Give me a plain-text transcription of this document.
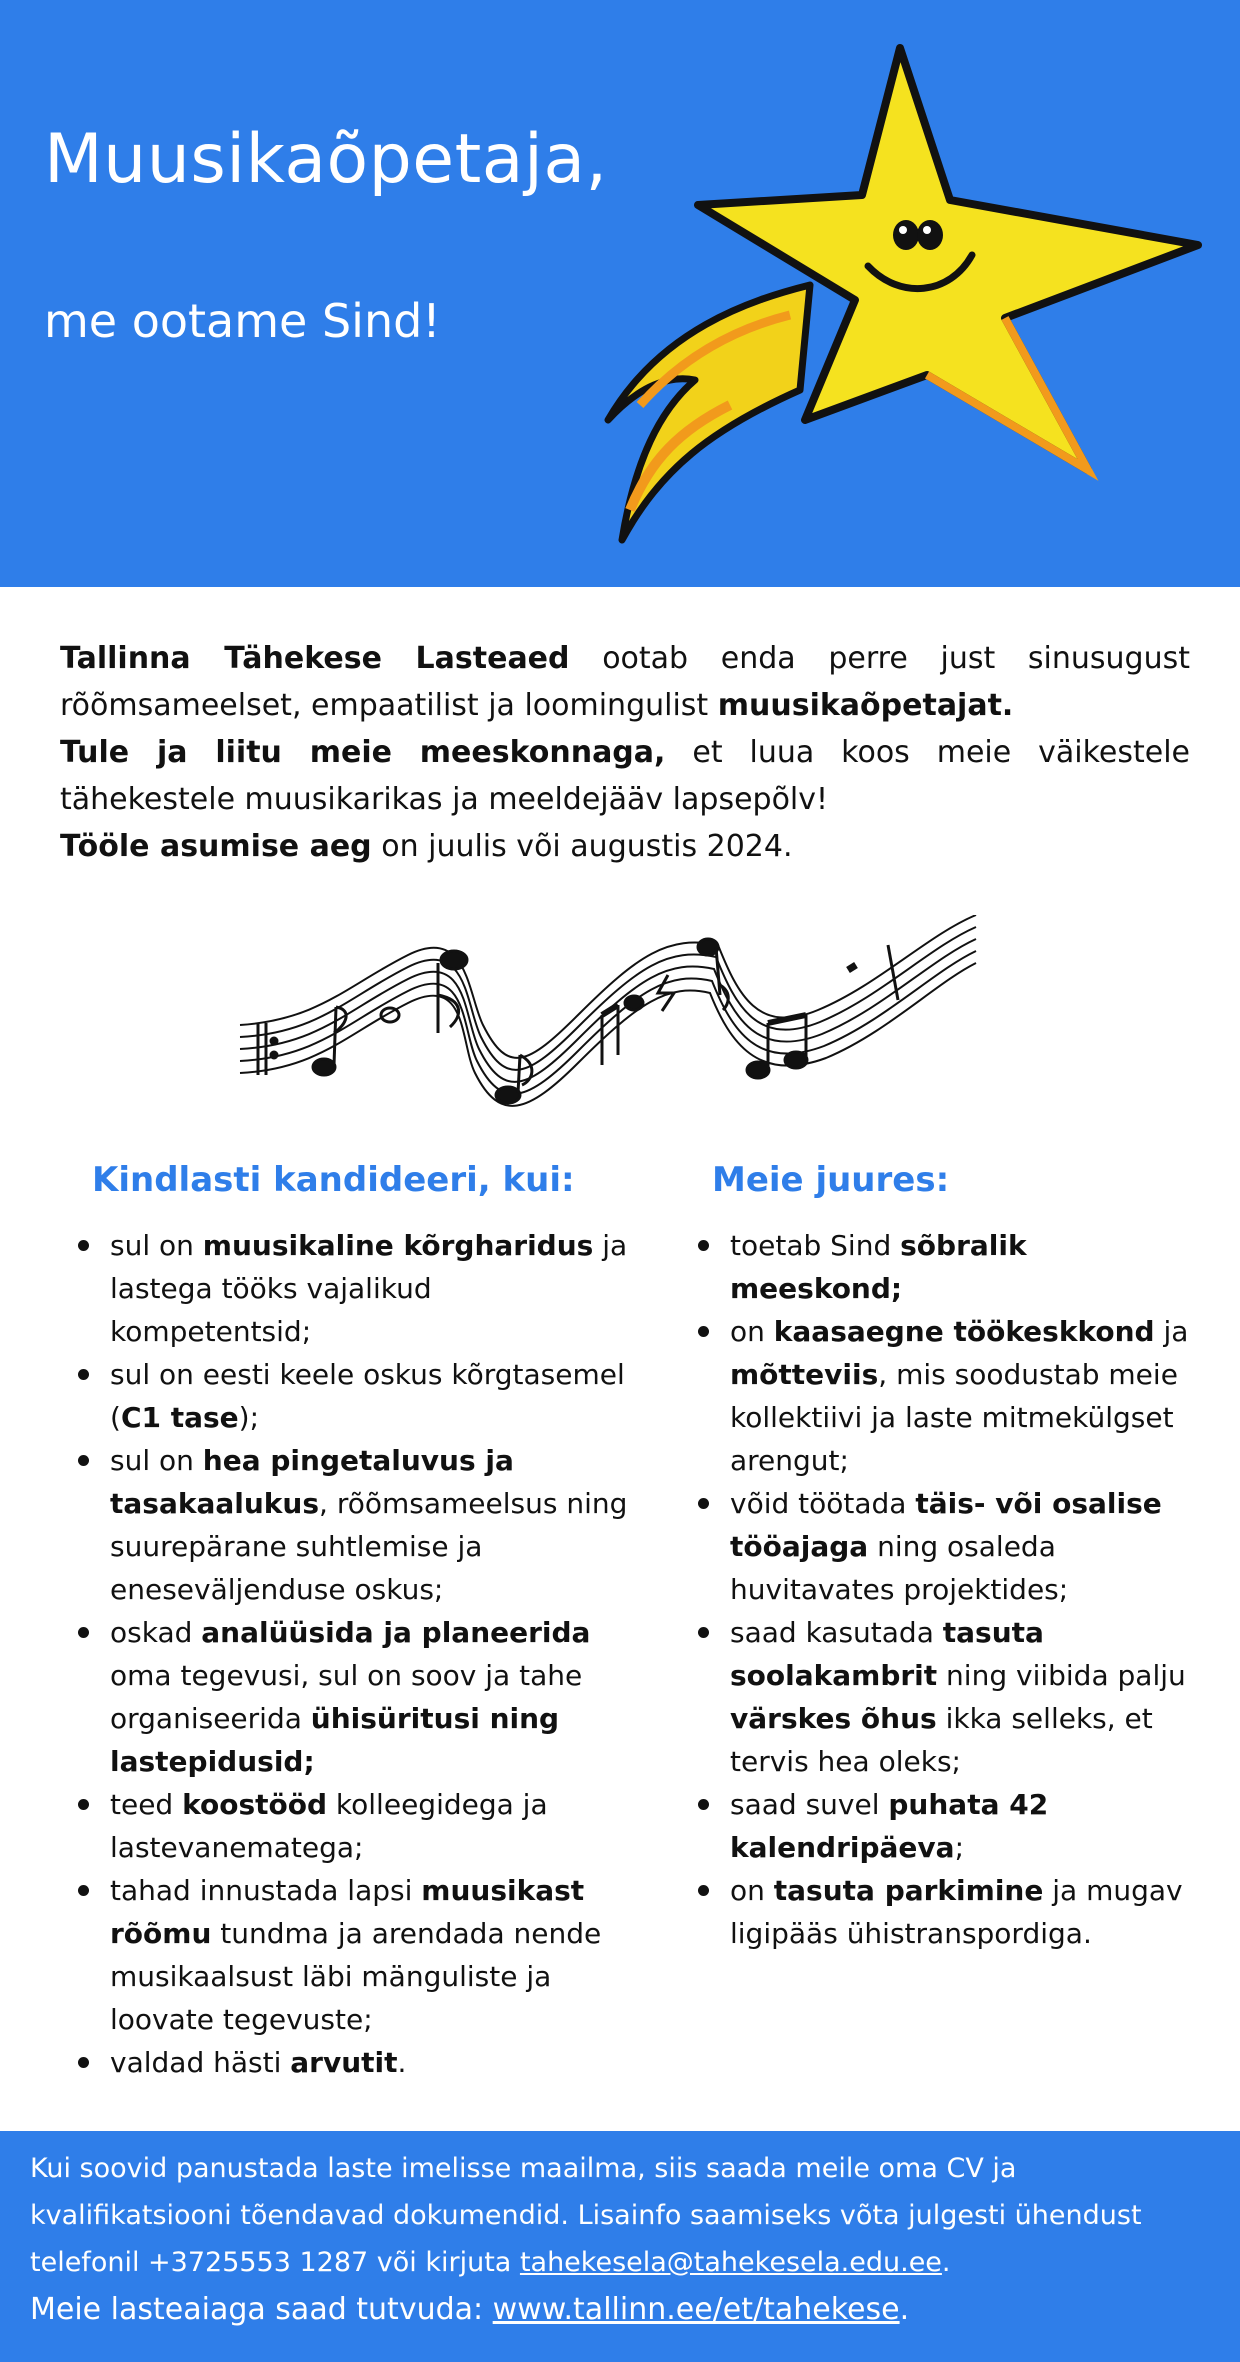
Muusikaõpetaja,
me ootame Sind!

Tallinna Tähekese Lasteaed ootab enda perre just sinusugust rõõmsameelset, empaatilist ja loomingulist muusikaõpetajat.

Tule ja liitu meie meeskonnaga, et luua koos meie väikestele tähekestele muusikarikas ja meeldejääv lapsepõlv!

Tööle asumise aeg on juulis või augustis 2024.

Kindlasti kandideeri, kui:
sul on muusikaline kõrgharidus ja lastega tööks vajalikud kompetentsid;
sul on eesti keele oskus kõrgtasemel (C1 tase);
sul on hea pingetaluvus ja tasakaalukus, rõõmsameelsus ning suurepärane suhtlemise ja eneseväljenduse oskus;
oskad analüüsida ja planeerida oma tegevusi, sul on soov ja tahe organiseerida ühisüritusi ning lastepidusid;
teed koostööd kolleegidega ja lastevanematega;
tahad innustada lapsi muusikast rõõmu tundma ja arendada nende musikaalsust läbi mänguliste ja loovate tegevuste;
valdad hästi arvutit.
Meie juures:
toetab Sind sõbralik meeskond;
on kaasaegne töökeskkond ja mõtteviis, mis soodustab meie kollektiivi ja laste mitmekülgset arengut;
võid töötada täis- või osalise tööajaga ning osaleda huvitavates projektides;
saad kasutada tasuta soolakambrit ning viibida palju värskes õhus ikka selleks, et tervis hea oleks;
saad suvel puhata 42 kalendripäeva;
on tasuta parkimine ja mugav ligipääs ühistranspordiga.

Kui soovid panustada laste imelisse maailma, siis saada meile oma CV ja kvalifikatsiooni tõendavad dokumendid. Lisainfo saamiseks võta julgesti ühendust telefonil +3725553 1287 või kirjuta tahekesela@tahekesela.edu.ee.
Meie lasteaiaga saad tutvuda: www.tallinn.ee/et/tahekese.
